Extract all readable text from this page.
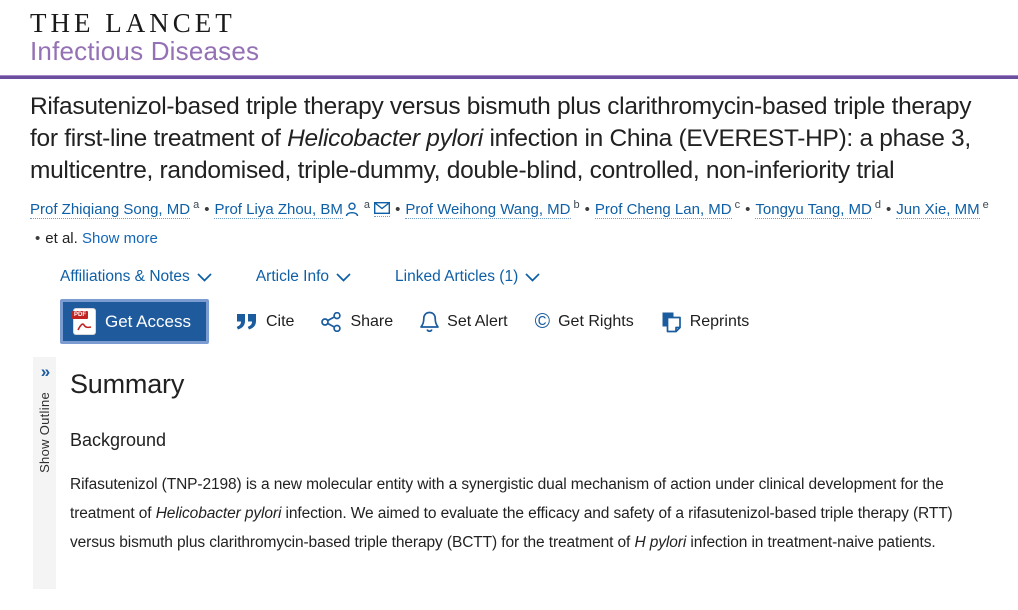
THE LANCET
Infectious Diseases
Rifasutenizol-based triple therapy versus bismuth plus clarithromycin-based triple therapy for first-line treatment of Helicobacter pylori infection in China (EVEREST-HP): a phase 3, multicentre, randomised, triple-dummy, double-blind, controlled, non-inferiority trial
Prof Zhiqiang Song, MD $^a$ • Prof Liya Zhou, BM $^a$ • Prof Weihong Wang, MD $^b$ • Prof Cheng Lan, MD $^c$ • Tongyu Tang, MD $^d$ • Jun Xie, MM $^e$
• et al. Show more
Affiliations & Notes	Article Info	Linked Articles (1)
PDF Get Access	Cite	Share	Set Alert © Get Rights	Reprints
»
Show Outline
Summary
Background

Rifasutenizol (TNP-2198) is a new molecular entity with a synergistic dual mechanism of action under clinical development for the treatment of Helicobacter pylori infection. We aimed to evaluate the efficacy and safety of a rifasutenizol-based triple therapy (RTT) versus bismuth plus clarithromycin-based triple therapy (BCTT) for the treatment of H pylori infection in treatment-naive patients.
